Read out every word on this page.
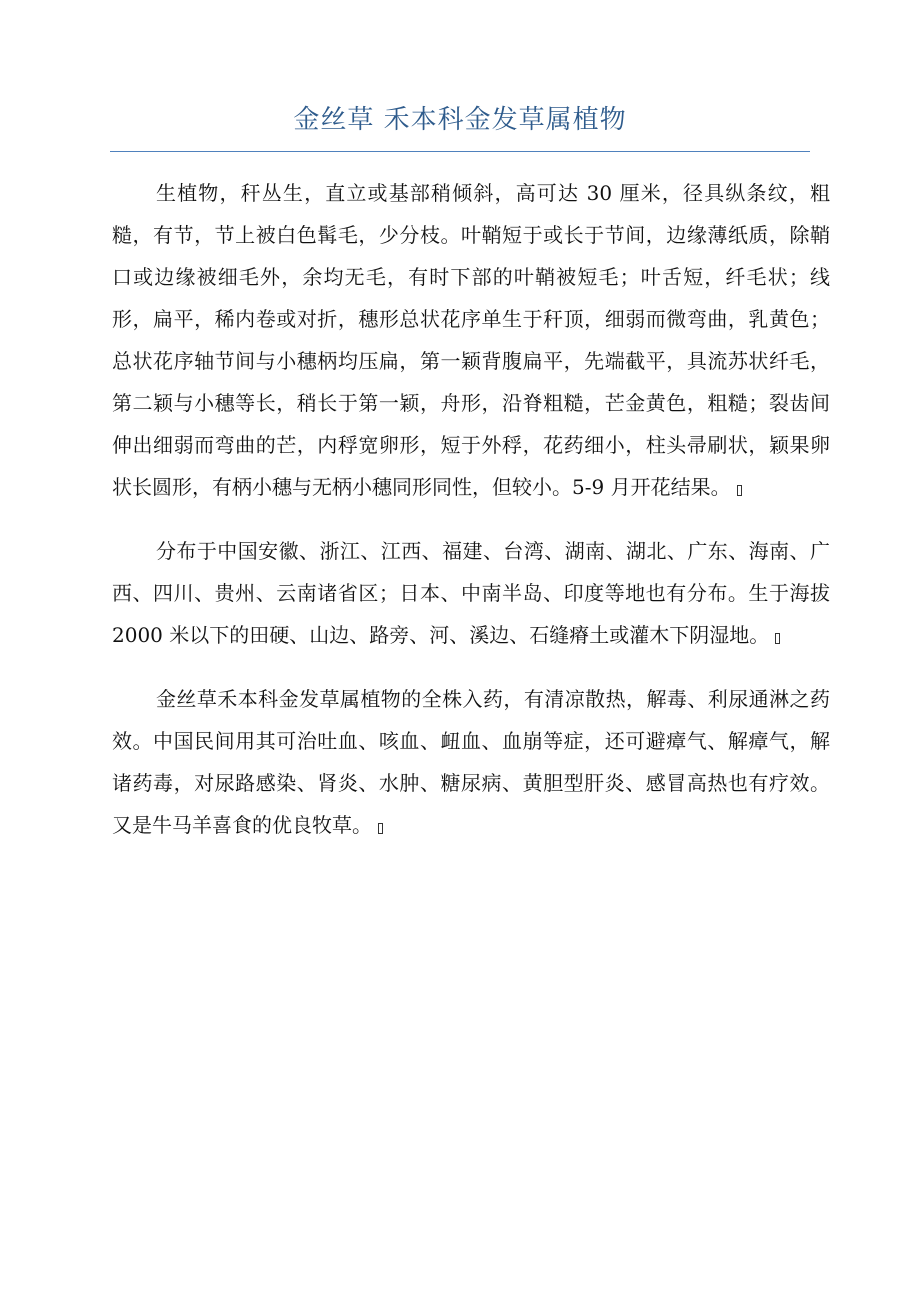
金丝草 禾本科金发草属植物

生植物，秆丛生，直立或基部稍倾斜，高可达 30 厘米，径具纵条纹，粗糙，有节，节上被白色髯毛，少分枝。叶鞘短于或长于节间，边缘薄纸质，除鞘口或边缘被细毛外，余均无毛，有时下部的叶鞘被短毛；叶舌短，纤毛状；线形，扁平，稀内卷或对折，穗形总状花序单生于秆顶，细弱而微弯曲，乳黄色；总状花序轴节间与小穗柄均压扁，第一颖背腹扁平，先端截平，具流苏状纤毛，第二颖与小穗等长，稍长于第一颖，舟形，沿脊粗糙，芒金黄色，粗糙；裂齿间伸出细弱而弯曲的芒，内稃宽卵形，短于外稃，花药细小，柱头帚刷状，颖果卵状长圆形，有柄小穗与无柄小穗同形同性，但较小。5-9 月开花结果。

分布于中国安徽、浙江、江西、福建、台湾、湖南、湖北、广东、海南、广西、四川、贵州、云南诸省区；日本、中南半岛、印度等地也有分布。生于海拔 2000 米以下的田硬、山边、路旁、河、溪边、石缝瘠土或灌木下阴湿地。

金丝草禾本科金发草属植物的全株入药，有清凉散热，解毒、利尿通淋之药效。中国民间用其可治吐血、咳血、衄血、血崩等症，还可避瘴气、解瘴气，解诸药毒，对尿路感染、肾炎、水肿、糖尿病、黄胆型肝炎、感冒高热也有疗效。又是牛马羊喜食的优良牧草。
